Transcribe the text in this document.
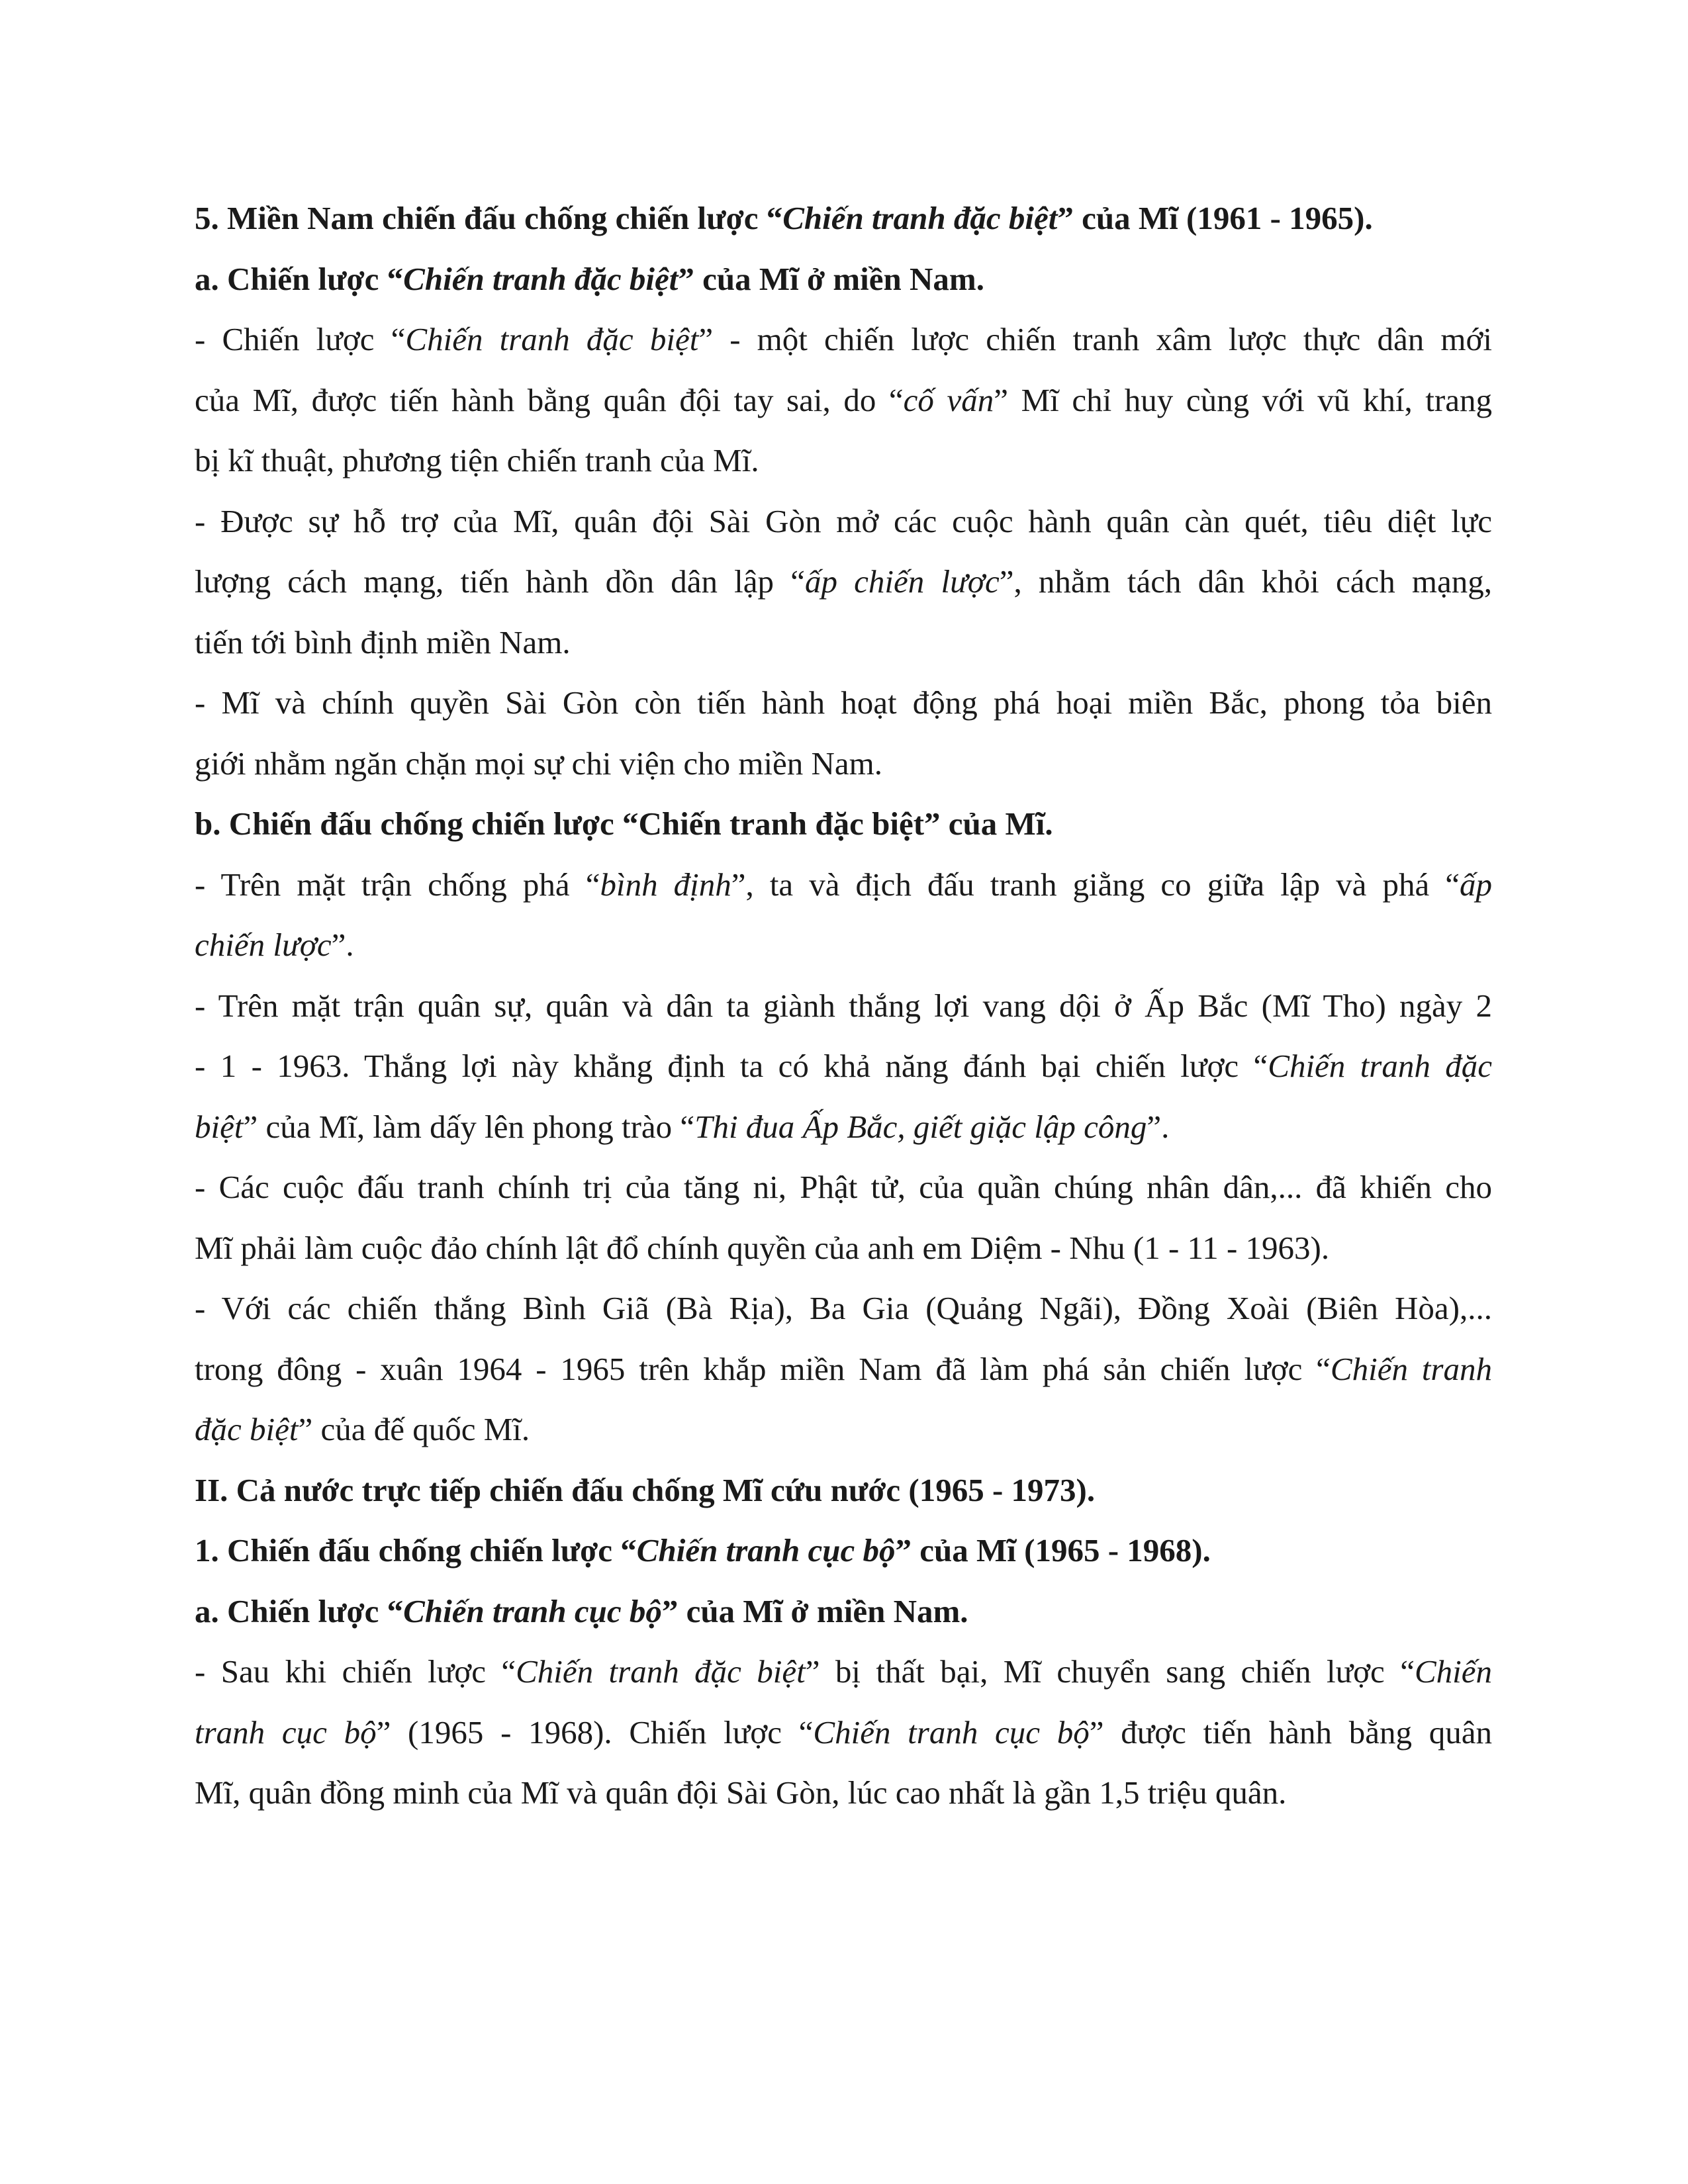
5. Miền Nam chiến đấu chống chiến lược “Chiến tranh đặc biệt” của Mĩ (1961 - 1965).
a. Chiến lược “Chiến tranh đặc biệt” của Mĩ ở miền Nam.
- Chiến lược “Chiến tranh đặc biệt” - một chiến lược chiến tranh xâm lược thực dân mới
của Mĩ, được tiến hành bằng quân đội tay sai, do “cố vấn” Mĩ chỉ huy cùng với vũ khí, trang
bị kĩ thuật, phương tiện chiến tranh của Mĩ.
- Được sự hỗ trợ của Mĩ, quân đội Sài Gòn mở các cuộc hành quân càn quét, tiêu diệt lực
lượng cách mạng, tiến hành dồn dân lập “ấp chiến lược”, nhằm tách dân khỏi cách mạng,
tiến tới bình định miền Nam.
- Mĩ và chính quyền Sài Gòn còn tiến hành hoạt động phá hoại miền Bắc, phong tỏa biên
giới nhằm ngăn chặn mọi sự chi viện cho miền Nam.
b. Chiến đấu chống chiến lược “Chiến tranh đặc biệt” của Mĩ.
- Trên mặt trận chống phá “bình định”, ta và địch đấu tranh giằng co giữa lập và phá “ấp
chiến lược”.
- Trên mặt trận quân sự, quân và dân ta giành thắng lợi vang dội ở Ấp Bắc (Mĩ Tho) ngày 2
- 1 - 1963. Thắng lợi này khẳng định ta có khả năng đánh bại chiến lược “Chiến tranh đặc
biệt” của Mĩ, làm dấy lên phong trào “Thi đua Ấp Bắc, giết giặc lập công”.
- Các cuộc đấu tranh chính trị của tăng ni, Phật tử, của quần chúng nhân dân,... đã khiến cho
Mĩ phải làm cuộc đảo chính lật đổ chính quyền của anh em Diệm - Nhu (1 - 11 - 1963).
- Với các chiến thắng Bình Giã (Bà Rịa), Ba Gia (Quảng Ngãi), Đồng Xoài (Biên Hòa),...
trong đông - xuân 1964 - 1965 trên khắp miền Nam đã làm phá sản chiến lược “Chiến tranh
đặc biệt” của đế quốc Mĩ.
II. Cả nước trực tiếp chiến đấu chống Mĩ cứu nước (1965 - 1973).
1. Chiến đấu chống chiến lược “Chiến tranh cục bộ” của Mĩ (1965 - 1968).
a. Chiến lược “Chiến tranh cục bộ” của Mĩ ở miền Nam.
- Sau khi chiến lược “Chiến tranh đặc biệt” bị thất bại, Mĩ chuyển sang chiến lược “Chiến
tranh cục bộ” (1965 - 1968). Chiến lược “Chiến tranh cục bộ” được tiến hành bằng quân
Mĩ, quân đồng minh của Mĩ và quân đội Sài Gòn, lúc cao nhất là gần 1,5 triệu quân.
